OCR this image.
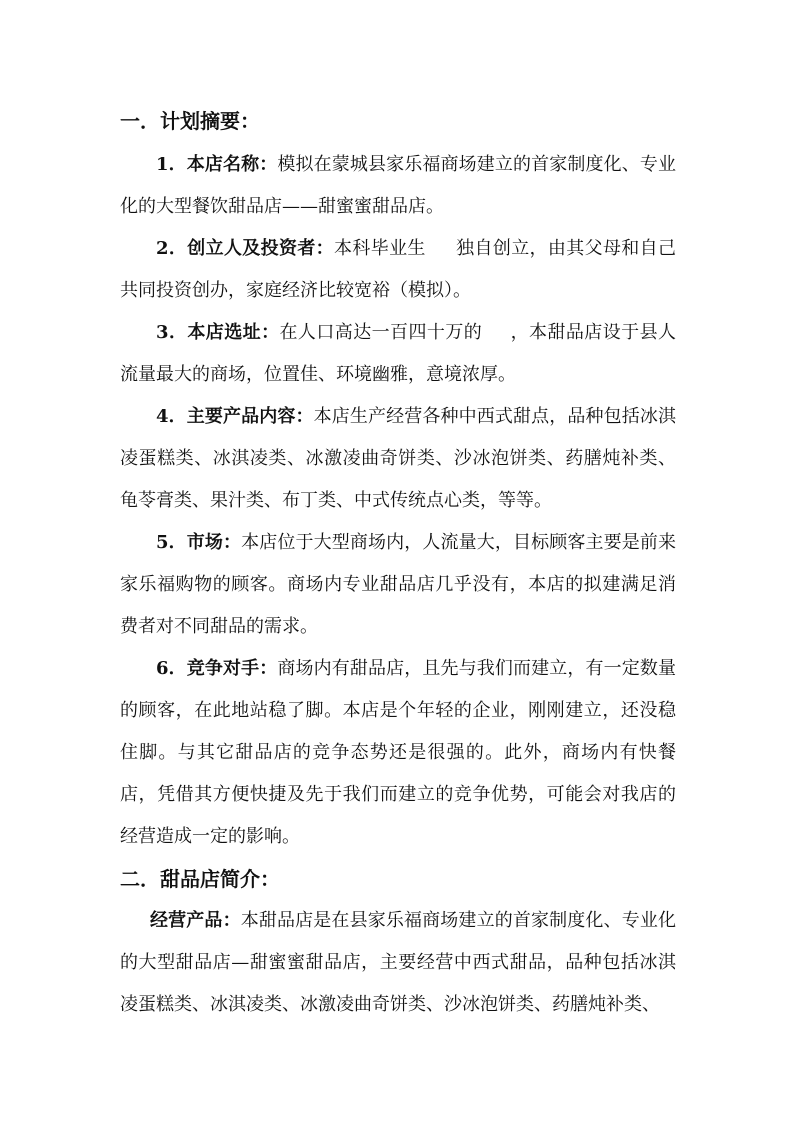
一．计划摘要：

1．本店名称：模拟在蒙城县家乐福商场建立的首家制度化、专业化的大型餐饮甜品店——甜蜜蜜甜品店。

2．创立人及投资者：本科毕业生 独自创立，由其父母和自己共同投资创办，家庭经济比较宽裕（模拟）。

3．本店选址：在人口高达一百四十万的 ，本甜品店设于县人流量最大的商场，位置佳、环境幽雅，意境浓厚。

4．主要产品内容：本店生产经营各种中西式甜点，品种包括冰淇凌蛋糕类、冰淇凌类、冰激凌曲奇饼类、沙冰泡饼类、药膳炖补类、龟苓膏类、果汁类、布丁类、中式传统点心类，等等。

5．市场：本店位于大型商场内，人流量大，目标顾客主要是前来家乐福购物的顾客。商场内专业甜品店几乎没有，本店的拟建满足消费者对不同甜品的需求。

6．竞争对手：商场内有甜品店，且先与我们而建立，有一定数量的顾客，在此地站稳了脚。本店是个年轻的企业，刚刚建立，还没稳住脚。与其它甜品店的竞争态势还是很强的。此外，商场内有快餐店，凭借其方便快捷及先于我们而建立的竞争优势，可能会对我店的经营造成一定的影响。

二．甜品店简介：

经营产品：本甜品店是在县家乐福商场建立的首家制度化、专业化的大型甜品店—甜蜜蜜甜品店，主要经营中西式甜品，品种包括冰淇凌蛋糕类、冰淇凌类、冰激凌曲奇饼类、沙冰泡饼类、药膳炖补类、
